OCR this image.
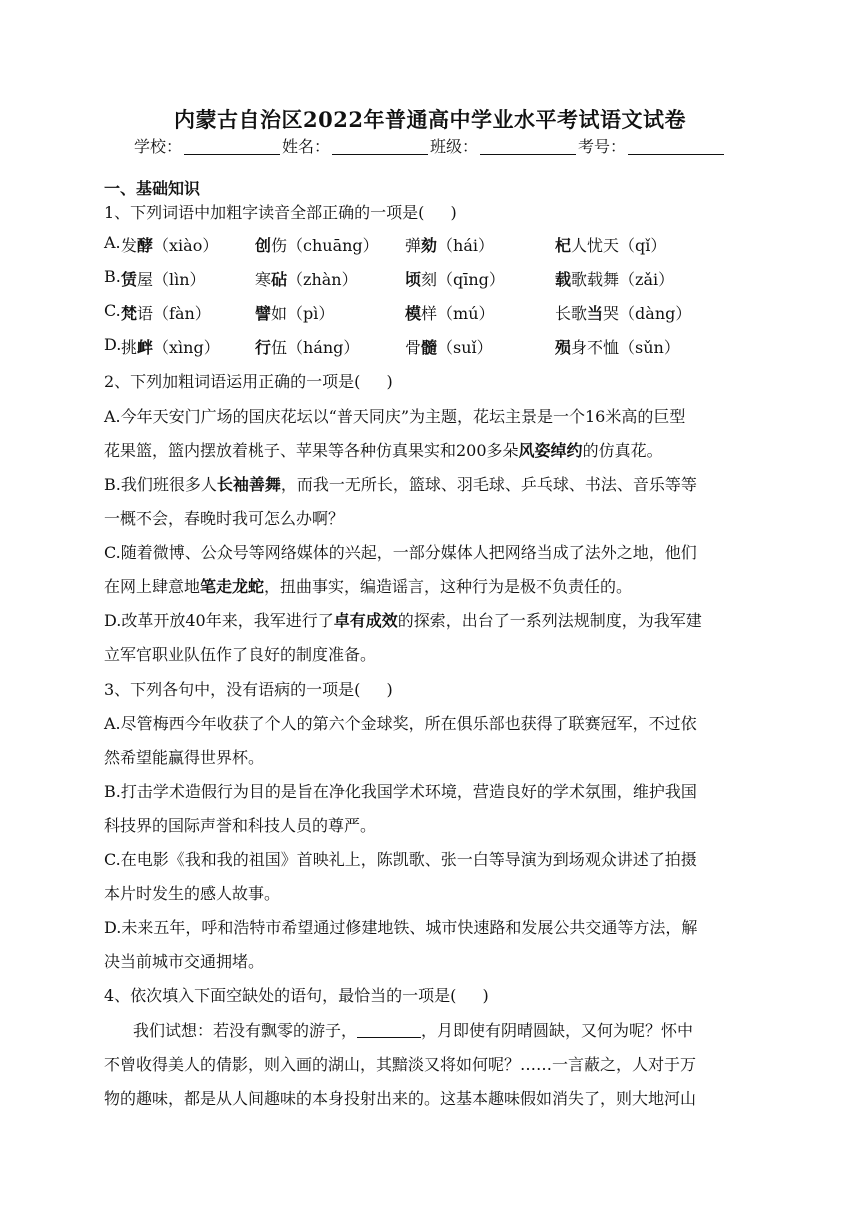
内蒙古自治区2022年普通高中学业水平考试语文试卷
学校：	姓名：	班级：	考号：
一、基础知识
1、下列词语中加粗字读音全部正确的一项是( )
A. 发酵（xiào） 创伤（chuāng） 弹劾（hái）	杞人忧天（qǐ）
B. 赁屋（lìn）	寒砧（zhàn）	顷刻（qīng）	载歌载舞（zǎi）
C. 梵语（fàn）	譬如（pì）	模样（mú）	长歌当哭（dàng）
D. 挑衅（xìng） 行伍（háng）	骨髓（suǐ）	殒身不恤（sǔn）
2、下列加粗词语运用正确的一项是( )
A.今年天安门广场的国庆花坛以“普天同庆”为主题，花坛主景是一个16米高的巨型
花果篮，篮内摆放着桃子、苹果等各种仿真果实和200多朵风姿绰约的仿真花。
B.我们班很多人长袖善舞，而我一无所长，篮球、羽毛球、乒乓球、书法、音乐等等
一概不会，春晚时我可怎么办啊？
C.随着微博、公众号等网络媒体的兴起，一部分媒体人把网络当成了法外之地，他们
在网上肆意地笔走龙蛇，扭曲事实，编造谣言，这种行为是极不负责任的。
D.改革开放40年来，我军进行了卓有成效的探索，出台了一系列法规制度，为我军建
立军官职业队伍作了良好的制度准备。
3、下列各句中，没有语病的一项是( )
A.尽管梅西今年收获了个人的第六个金球奖，所在俱乐部也获得了联赛冠军，不过依
然希望能赢得世界杯。
B.打击学术造假行为目的是旨在净化我国学术环境，营造良好的学术氛围，维护我国
科技界的国际声誉和科技人员的尊严。
C.在电影《我和我的祖国》首映礼上，陈凯歌、张一白等导演为到场观众讲述了拍摄
本片时发生的感人故事。
D.未来五年，呼和浩特市希望通过修建地铁、城市快速路和发展公共交通等方法，解
决当前城市交通拥堵。
4、依次填入下面空缺处的语句，最恰当的一项是( )
我们试想：若没有飘零的游子，	，月即使有阴晴圆缺，又何为呢？怀中
不曾收得美人的倩影，则入画的湖山，其黯淡又将如何呢？……一言蔽之，人对于万
物的趣味，都是从人间趣味的本身投射出来的。这基本趣味假如消失了，则大地河山
